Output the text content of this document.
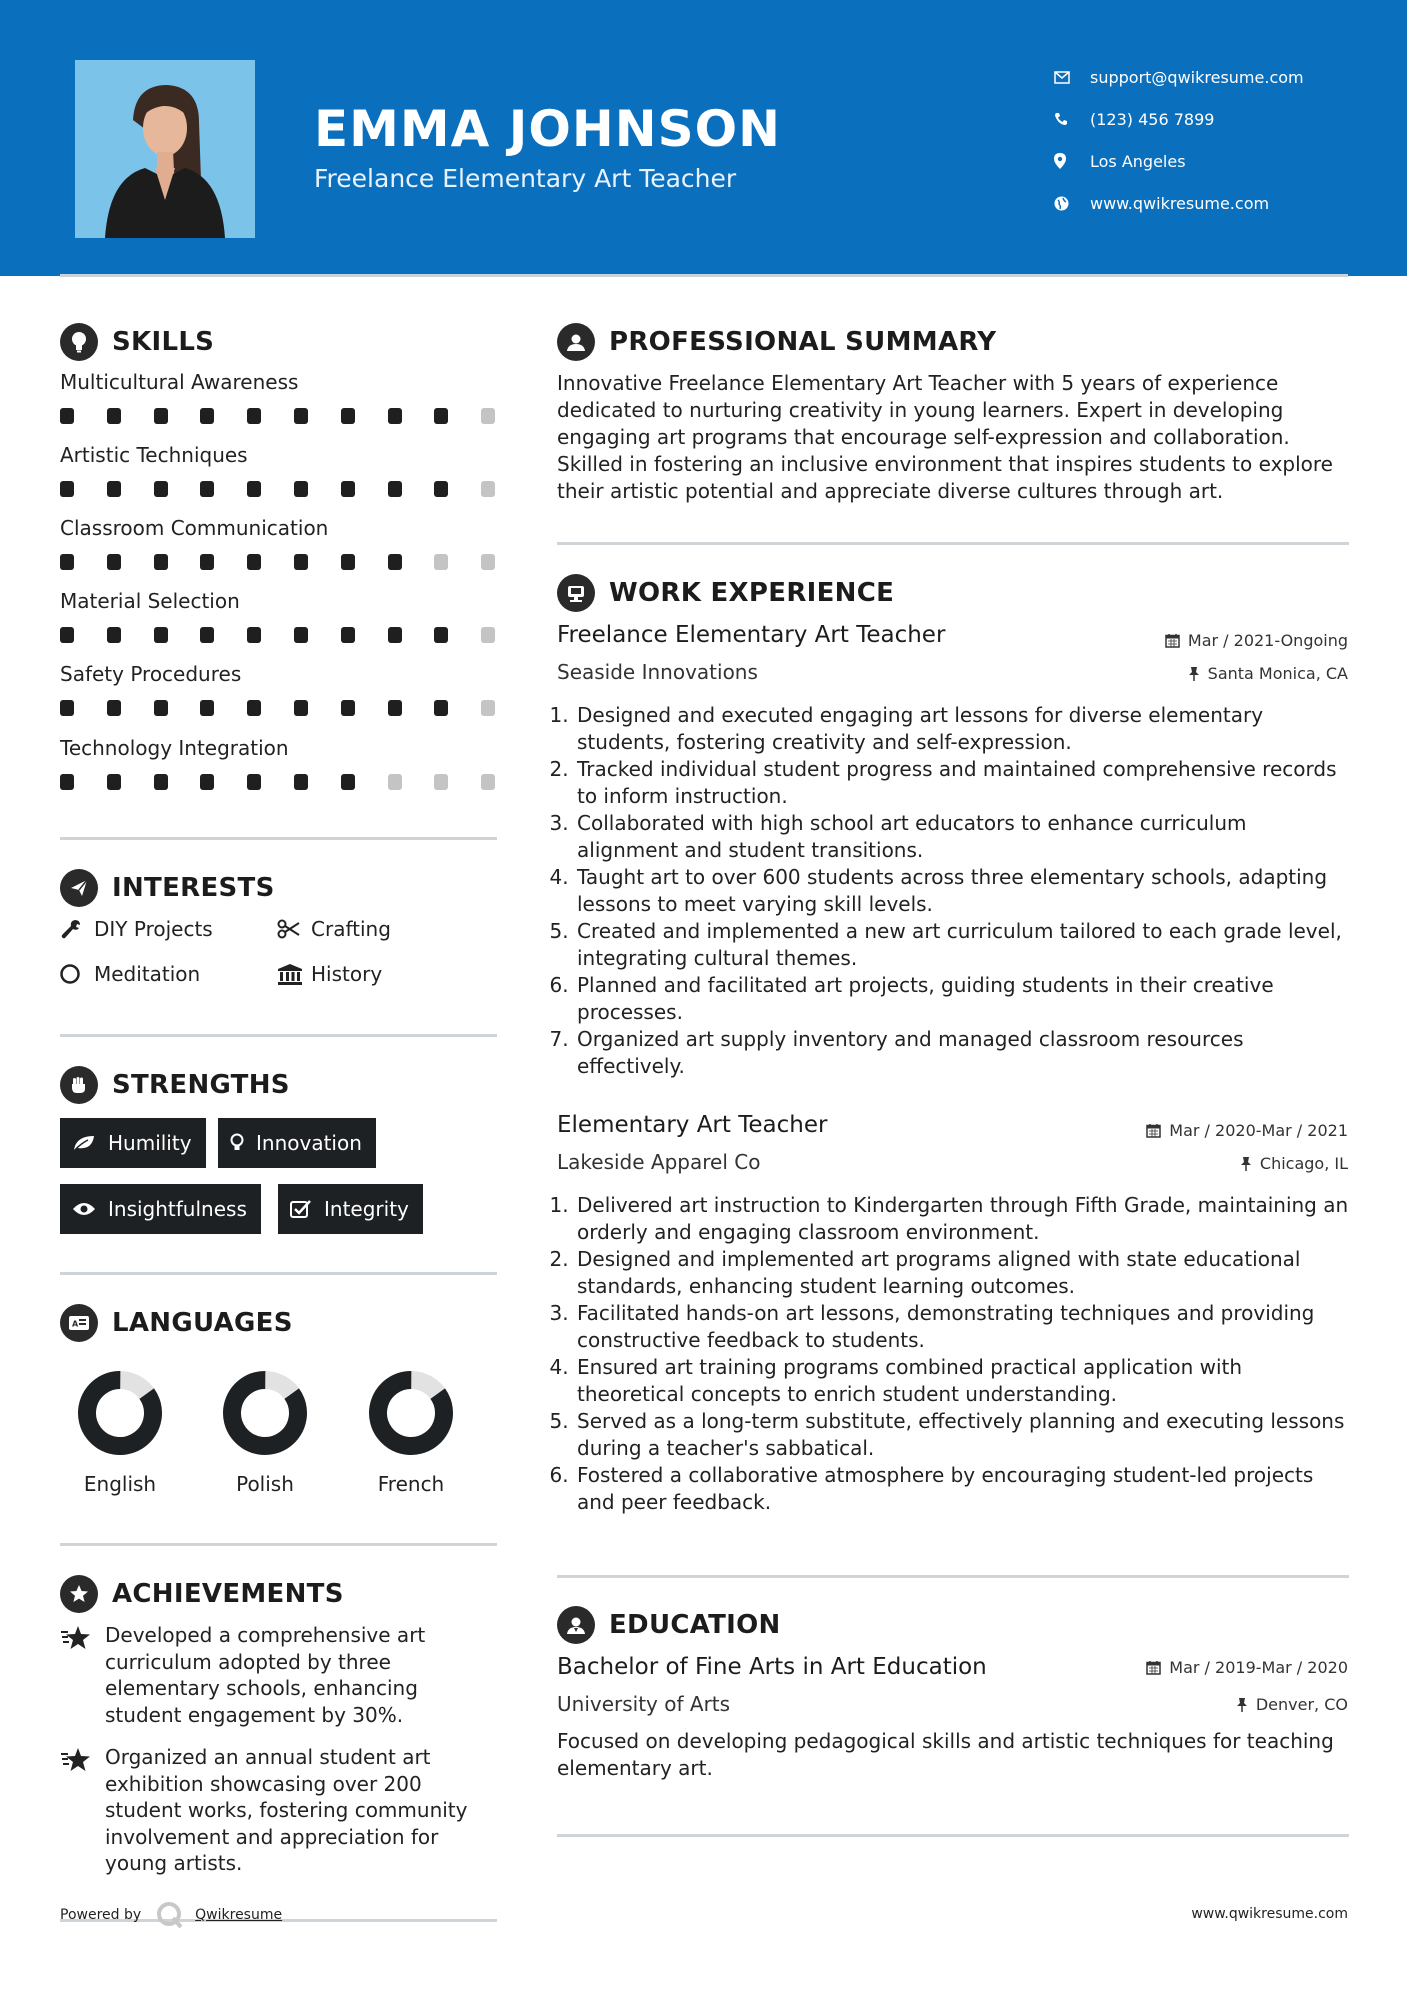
EMMA JOHNSON
Freelance Elementary Art Teacher
support@qwikresume.com
(123) 456 7899
Los Angeles
www.qwikresume.com
SKILLS
Multicultural Awareness
Artistic Techniques
Classroom Communication
Material Selection
Safety Procedures
Technology Integration
INTERESTS
DIY Projects	Crafting
Meditation	History
STRENGTHS
Humility	Innovation
Insightfulness	Integrity
A LANGUAGES
English	Polish	French
ACHIEVEMENTS
Developed a comprehensive art curriculum adopted by three elementary schools, enhancing student engagement by 30%.
Organized an annual student art exhibition showcasing over 200 student works, fostering community involvement and appreciation for young artists.
PROFESSIONAL SUMMARY
Innovative Freelance Elementary Art Teacher with 5 years of experience dedicated to nurturing creativity in young learners. Expert in developing engaging art programs that encourage self-expression and collaboration. Skilled in fostering an inclusive environment that inspires students to explore their artistic potential and appreciate diverse cultures through art.
WORK EXPERIENCE
Freelance Elementary Art Teacher	Mar / 2021-Ongoing
Seaside Innovations	Santa Monica, CA
1. Designed and executed engaging art lessons for diverse elementary students, fostering creativity and self-expression.
2. Tracked individual student progress and maintained comprehensive records to inform instruction.
3. Collaborated with high school art educators to enhance curriculum alignment and student transitions.
4. Taught art to over 600 students across three elementary schools, adapting lessons to meet varying skill levels.
5. Created and implemented a new art curriculum tailored to each grade level, integrating cultural themes.
6. Planned and facilitated art projects, guiding students in their creative processes.
7. Organized art supply inventory and managed classroom resources effectively.
Elementary Art Teacher	Mar / 2020-Mar / 2021
Lakeside Apparel Co	Chicago, IL
1. Delivered art instruction to Kindergarten through Fifth Grade, maintaining an orderly and engaging classroom environment.
2. Designed and implemented art programs aligned with state educational standards, enhancing student learning outcomes.
3. Facilitated hands-on art lessons, demonstrating techniques and providing constructive feedback to students.
4. Ensured art training programs combined practical application with theoretical concepts to enrich student understanding.
5. Served as a long-term substitute, effectively planning and executing lessons during a teacher's sabbatical.
6. Fostered a collaborative atmosphere by encouraging student-led projects and peer feedback.
EDUCATION
Bachelor of Fine Arts in Art Education	Mar / 2019-Mar / 2020
University of Arts	Denver, CO
Focused on developing pedagogical skills and artistic techniques for teaching elementary art.
Powered by	Qwikresume	www.qwikresume.com
